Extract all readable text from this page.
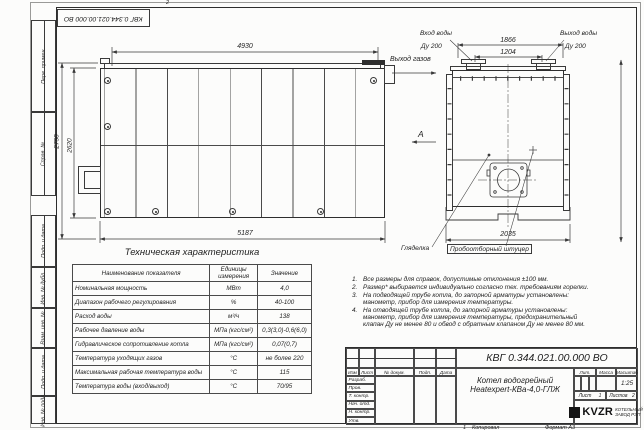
2
КВГ 0.344.021.00.000 ВО
Перв. примен.
Справ. №
Подп. и дата
Инв. № дубл.
Взам. инв. №
Подп. и дата
Инв. № подл.
4930
5187
2750 2620
Выход газов
А
1866
1204
2035
Вход воды
Ду 200
Выход воды
Ду 200
Гляделка	Пробоотборный штуцер
Техническая характеристика
Наименование показателя	Единицы измерения	Значение
Номинальная мощность	МВт	4,0
Диапазон рабочего регулирования	%	40-100
Расход воды	м³/ч	138
Рабочее давление воды	МПа (кгс/см²)	0,3(3,0)-0,6(6,0)
Гидравлическое сопротивление котла	МПа (кгс/см²)	0,07(0,7)
Температура уходящих газов	°С	не более 220
Максимальная рабочая температура воды	°С	115
Температура воды (вход/выход)	°С	70/95
1. Все размеры для справок, допустимые отклонения ±100 мм.
2. Размер* выбирается индивидуально согласно тех. требованиям горелки.
3. На подводящей трубе котла, до запорной арматуры установлены: манометр, прибор для измерения температуры.
4. На отводящей трубе котла, до запорной арматуры установлены: манометр, прибор для измерения температуры, предохранительный клапан Ду не менее 80 и обвод с обратным клапаном Ду не менее 80 мм.
КВГ 0.344.021.00.000 ВО
Изм Лист	№ докум.	Подп.	Дата
Разраб.
Пров.
Т. контр.
Нач. отд.
Н. контр.
Утв.
Котел водогрейный
Heatexpert-КВа-4,0-ГЛЖ
Лит.	Масса Масштаб
1:25
Лист 1 Листов 2
KVZR КОТЕЛЬНЫЙ
ЗАВОД РЭП
1 Копировал	Формат А3
